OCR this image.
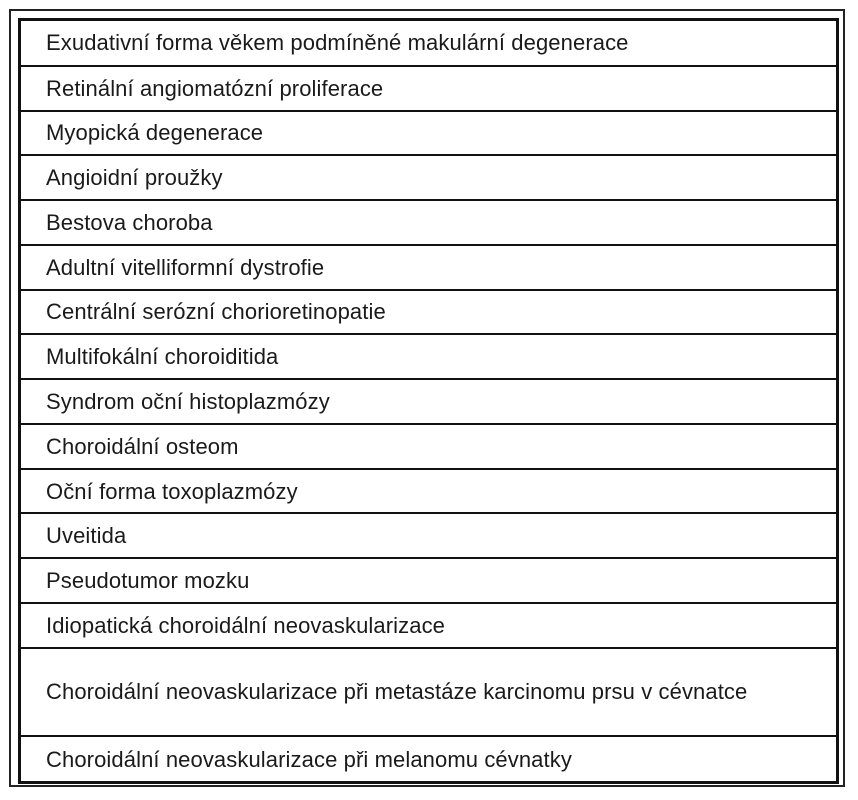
Exudativní forma věkem podmíněné makulární degenerace
Retinální angiomatózní proliferace
Myopická degenerace
Angioidní proužky
Bestova choroba
Adultní vitelliformní dystrofie
Centrální serózní chorioretinopatie
Multifokální choroiditida
Syndrom oční histoplazmózy
Choroidální osteom
Oční forma toxoplazmózy
Uveitida
Pseudotumor mozku
Idiopatická choroidální neovaskularizace
Choroidální neovaskularizace při metastáze karcinomu prsu v cévnatce
Choroidální neovaskularizace při melanomu cévnatky
